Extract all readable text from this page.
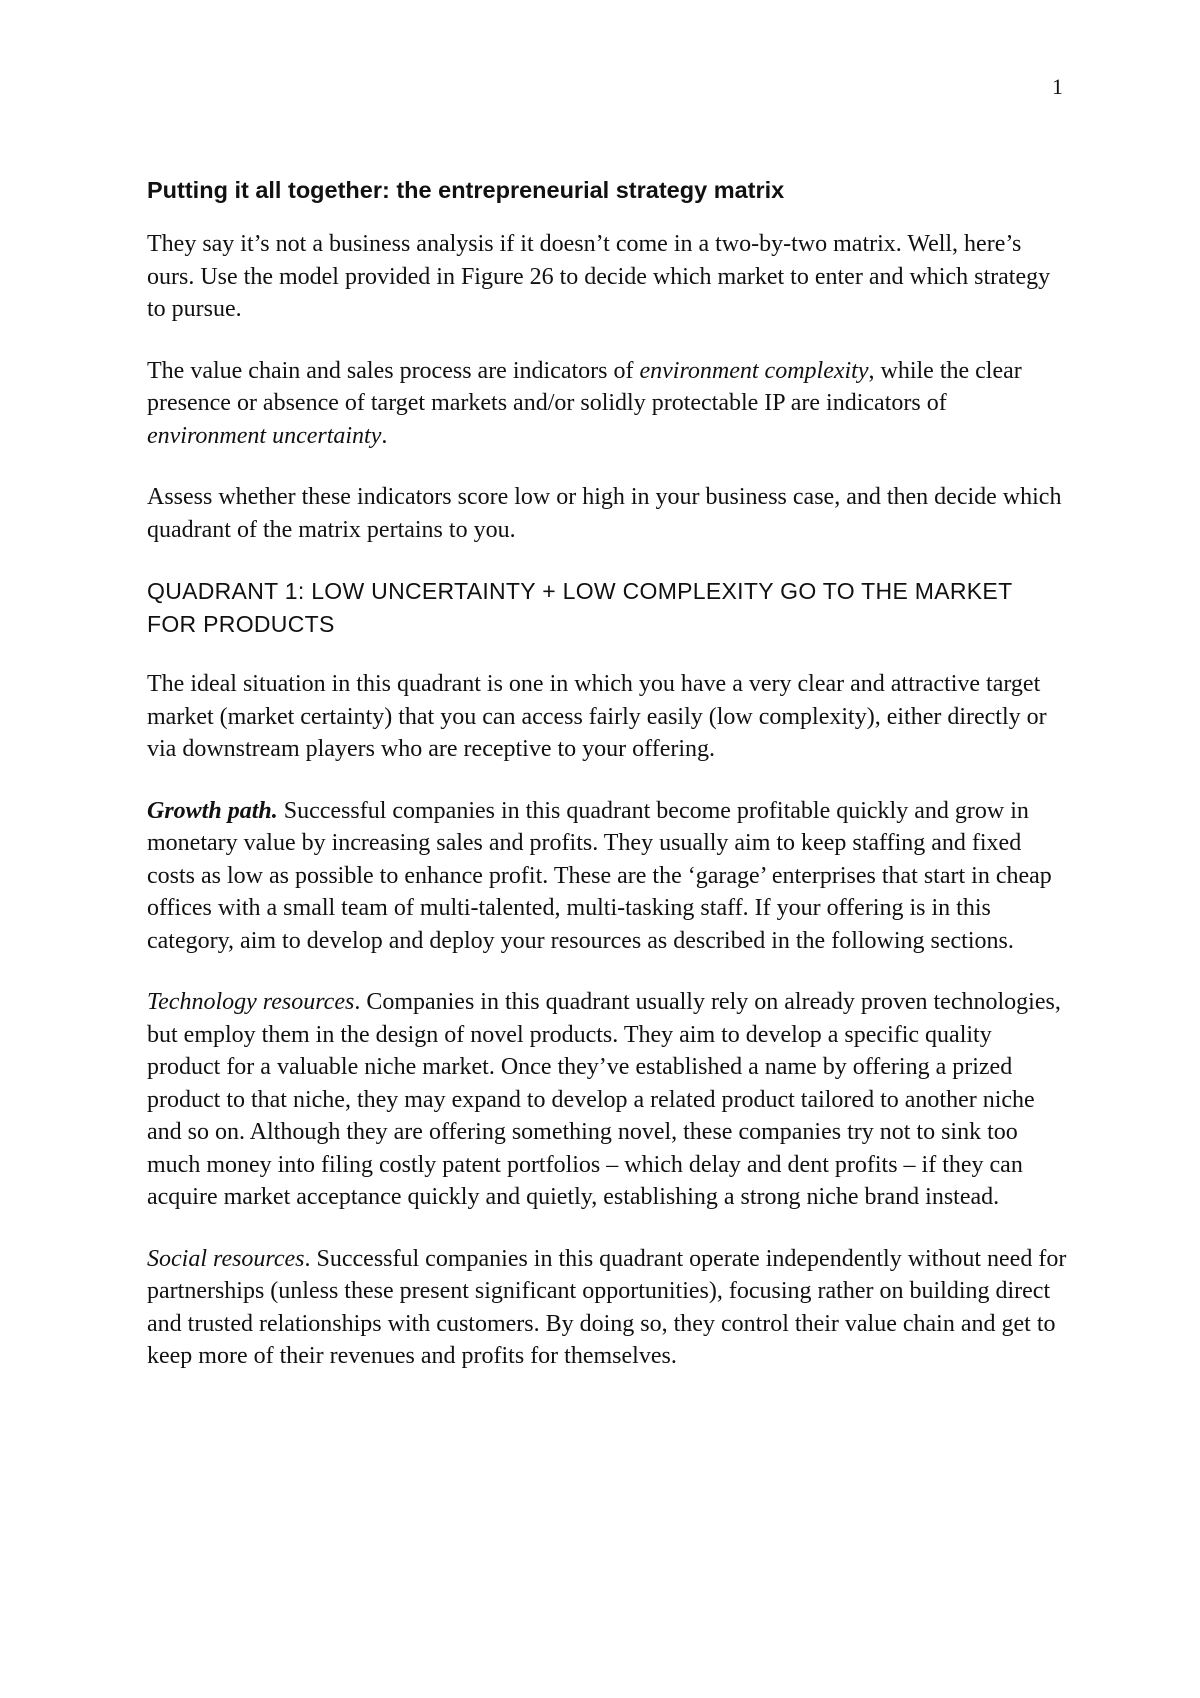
1
Putting it all together: the entrepreneurial strategy matrix

They say it’s not a business analysis if it doesn’t come in a two-by-two matrix. Well, here’s ours. Use the model provided in Figure 26 to decide which market to enter and which strategy to pursue.

The value chain and sales process are indicators of environment complexity, while the clear presence or absence of target markets and/or solidly protectable IP are indicators of environment uncertainty.

Assess whether these indicators score low or high in your business case, and then decide which quadrant of the matrix pertains to you.

QUADRANT 1: LOW UNCERTAINTY + LOW COMPLEXITY GO TO THE MARKET FOR PRODUCTS

The ideal situation in this quadrant is one in which you have a very clear and attractive target market (market certainty) that you can access fairly easily (low complexity), either directly or via downstream players who are receptive to your offering.

Growth path. Successful companies in this quadrant become profitable quickly and grow in monetary value by increasing sales and profits. They usually aim to keep staffing and fixed costs as low as possible to enhance profit. These are the ‘garage’ enterprises that start in cheap offices with a small team of multi-talented, multi-tasking staff. If your offering is in this category, aim to develop and deploy your resources as described in the following sections.

Technology resources. Companies in this quadrant usually rely on already proven technologies, but employ them in the design of novel products. They aim to develop a specific quality product for a valuable niche market. Once they’ve established a name by offering a prized product to that niche, they may expand to develop a related product tailored to another niche and so on. Although they are offering something novel, these companies try not to sink too much money into filing costly patent portfolios – which delay and dent profits – if they can acquire market acceptance quickly and quietly, establishing a strong niche brand instead.

Social resources. Successful companies in this quadrant operate independently without need for partnerships (unless these present significant opportunities), focusing rather on building direct and trusted relationships with customers. By doing so, they control their value chain and get to keep more of their revenues and profits for themselves.
